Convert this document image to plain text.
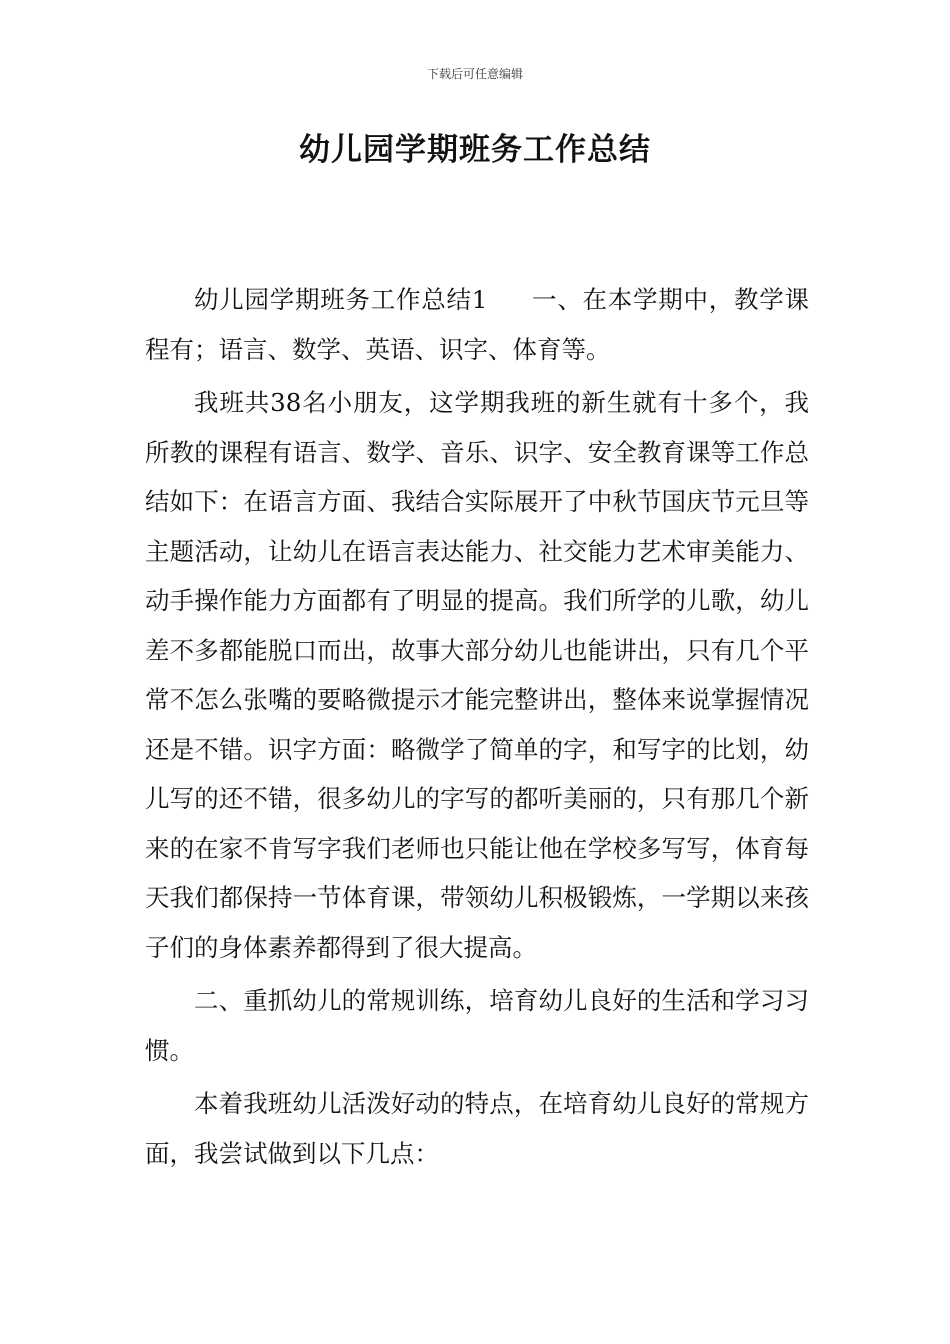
下载后可任意编辑
幼儿园学期班务工作总结

幼儿园学期班务工作总结1 一、在本学期中，教学课程有；语言、数学、英语、识字、体育等。

我班共38名小朋友，这学期我班的新生就有十多个，我所教的课程有语言、数学、音乐、识字、安全教育课等工作总结如下：在语言方面、我结合实际展开了中秋节国庆节元旦等主题活动，让幼儿在语言表达能力、社交能力艺术审美能力、动手操作能力方面都有了明显的提高。我们所学的儿歌，幼儿差不多都能脱口而出，故事大部分幼儿也能讲出，只有几个平常不怎么张嘴的要略微提示才能完整讲出，整体来说掌握情况还是不错。识字方面：略微学了简单的字，和写字的比划，幼儿写的还不错，很多幼儿的字写的都听美丽的，只有那几个新来的在家不肯写字我们老师也只能让他在学校多写写，体育每天我们都保持一节体育课，带领幼儿积极锻炼，一学期以来孩子们的身体素养都得到了很大提高。

二、重抓幼儿的常规训练，培育幼儿良好的生活和学习习惯。

本着我班幼儿活泼好动的特点，在培育幼儿良好的常规方面，我尝试做到以下几点：
